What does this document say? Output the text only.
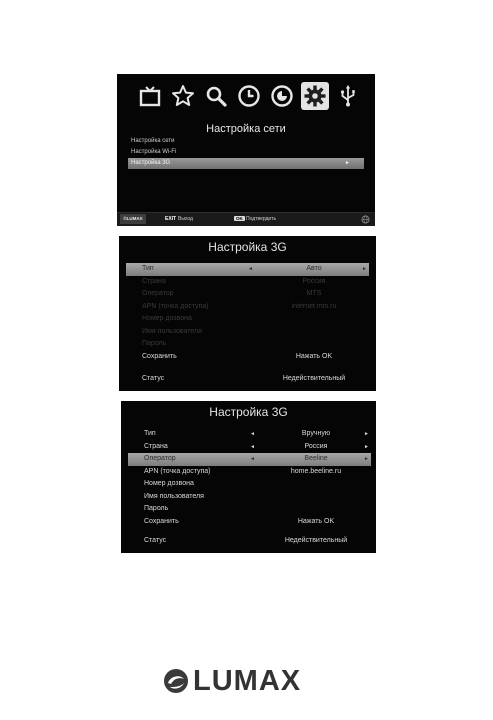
Настройка сети
Настройка сети
Настройка Wi-Fi
Настройка 3G	►
©LUMAX	EXIT Выход	OK Подтвердить
Настройка 3G
Тип	◄	Авто	►
Страна	Россия
Оператор	MTS
APN (точка доступа)	internet.mts.ru
Номер дозвона
Имя пользователя
Пароль
Сохранить	Нажать OK
Статус	Недействительный
Настройка 3G
Тип	◄	Вручную	►
Страна	◄	Россия	►
Оператор	◄	Beeline	►
APN (точка доступа)	home.beeline.ru
Номер дозвона
Имя пользователя
Пароль
Сохранить	Нажать OK
Статус	Недействительный
LUMAX
